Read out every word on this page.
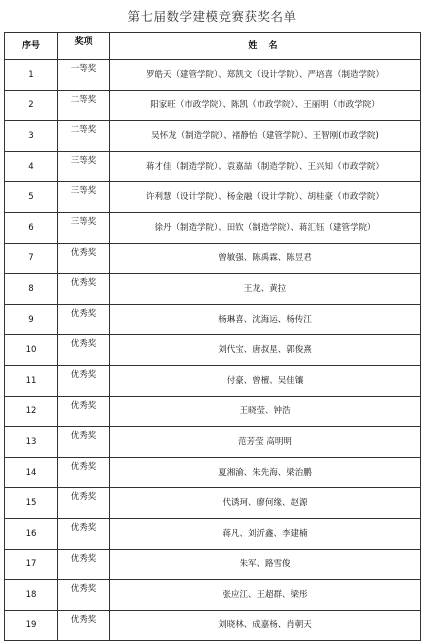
第七届数学建模竞赛获奖名单
序号	奖项	姓 名
1	一等奖	罗皓天（建管学院）、郑凯文（设计学院）、严培喜（制造学院）
2	二等奖	阳家旺（市政学院）、陈凯（市政学院）、王丽明（市政学院）
3	二等奖	吴怀龙（制造学院）、褚静怡（建管学院）、王智刚(市政学院)
4	三等奖	蒋才佳（制造学院）、袁嘉喆（制造学院）、王兴知（市政学院）
5	三等奖	许利慧（设计学院）、杨金融（设计学院）、胡桂豪（市政学院）
6	三等奖	徐丹（制造学院）、田钦（制造学院）、蒋汇钰（建管学院）
7	优秀奖	曾敏强、陈禹霖、陈昱君
8	优秀奖	王龙、黄拉
9	优秀奖	杨琳喜、沈海运、杨传江
10	优秀奖	刘代宝、唐叔星、郭俊熹
11	优秀奖	付豪、曾檀、吴佳镶
12	优秀奖	王晓莹、钟浩
13	优秀奖	范芳莹 高明明
14	优秀奖	夏湘渝、朱先海、梁治鹏
15	优秀奖	代诱珂、廖何缘、赵源
16	优秀奖	蒋凡、刘沂鑫、李建楠
17	优秀奖	朱军、路雪俊
18	优秀奖	张应江、王超群、梁彤
19	优秀奖	刘晓林、成嘉杨、肖朝天
